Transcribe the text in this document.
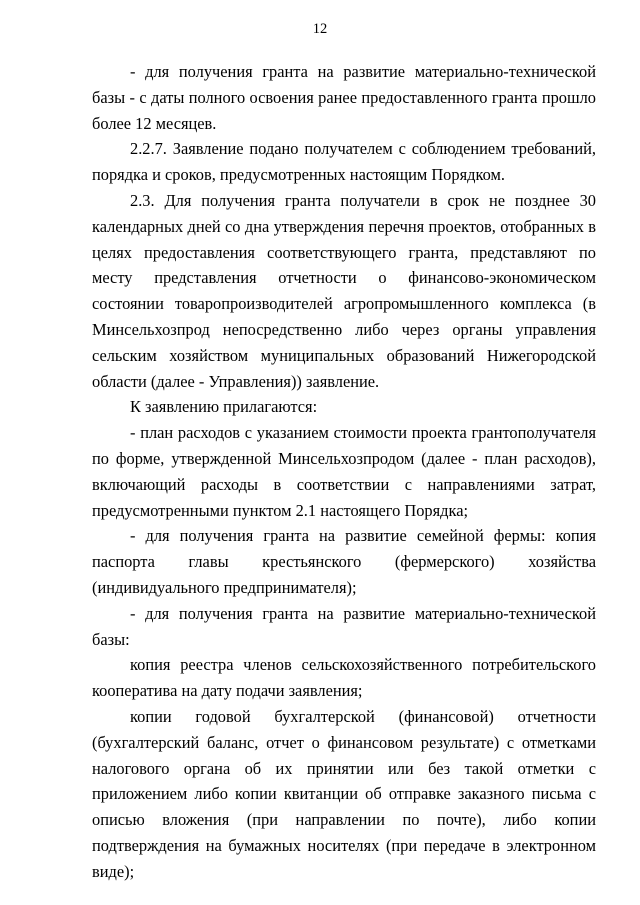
12

- для получения гранта на развитие материально-технической базы - с даты полного освоения ранее предоставленного гранта прошло более 12 месяцев.

2.2.7. Заявление подано получателем с соблюдением требований, порядка и сроков, предусмотренных настоящим Порядком.

2.3. Для получения гранта получатели в срок не позднее 30 календарных дней со дна утверждения перечня проектов, отобранных в целях предоставления соответствующего гранта, представляют по месту представления отчетности о финансово-экономическом состоянии товаропроизводителей агропромышленного комплекса (в Минсельхозпрод непосредственно либо через органы управления сельским хозяйством муниципальных образований Нижегородской области (далее - Управления)) заявление.

К заявлению прилагаются:

- план расходов с указанием стоимости проекта грантополучателя по форме, утвержденной Минсельхозпродом (далее - план расходов), включающий расходы в соответствии с направлениями затрат, предусмотренными пунктом 2.1 настоящего Порядка;

- для получения гранта на развитие семейной фермы: копия паспорта главы крестьянского (фермерского) хозяйства (индивидуального предпринимателя);

- для получения гранта на развитие материально-технической базы:

копия реестра членов сельскохозяйственного потребительского кооператива на дату подачи заявления;

копии годовой бухгалтерской (финансовой) отчетности (бухгалтерский баланс, отчет о финансовом результате) с отметками налогового органа об их принятии или без такой отметки с приложением либо копии квитанции об отправке заказного письма с описью вложения (при направлении по почте), либо копии подтверждения на бумажных носителях (при передаче в электронном виде);
